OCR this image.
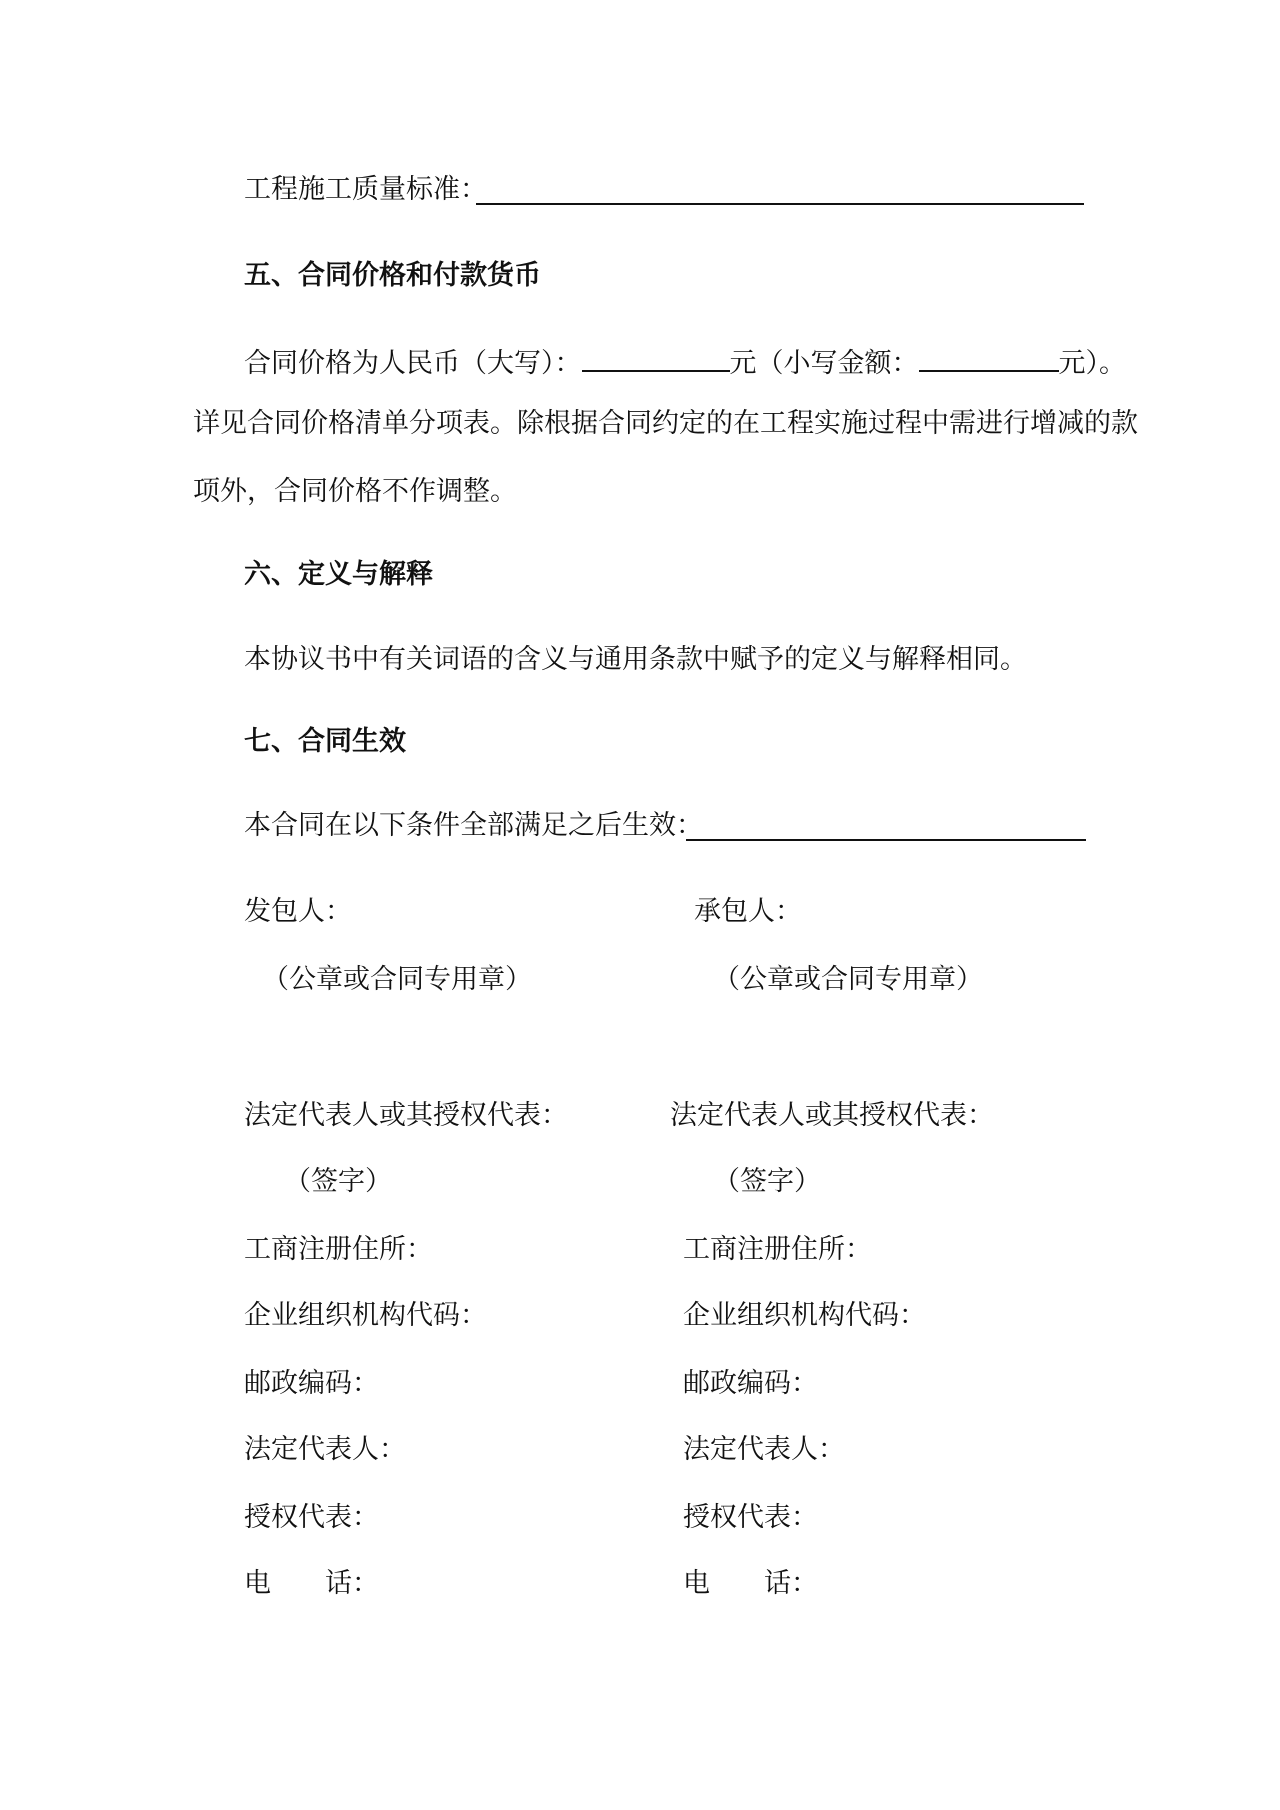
工程施工质量标准：
五、合同价格和付款货币
合同价格为人民币（大写）：	元（小写金额：	元）。
详见合同价格清单分项表。除根据合同约定的在工程实施过程中需进行增减的款
项外，合同价格不作调整。
六、定义与解释
本协议书中有关词语的含义与通用条款中赋予的定义与解释相同。
七、合同生效
本合同在以下条件全部满足之后生效：
发包人：
（公章或合同专用章）
法定代表人或其授权代表：
（签字）
工商注册住所：
企业组织机构代码：
邮政编码：
法定代表人：
授权代表：
电　　话：
承包人：
（公章或合同专用章）
法定代表人或其授权代表：
（签字）
工商注册住所：
企业组织机构代码：
邮政编码：
法定代表人：
授权代表：
电　　话：
